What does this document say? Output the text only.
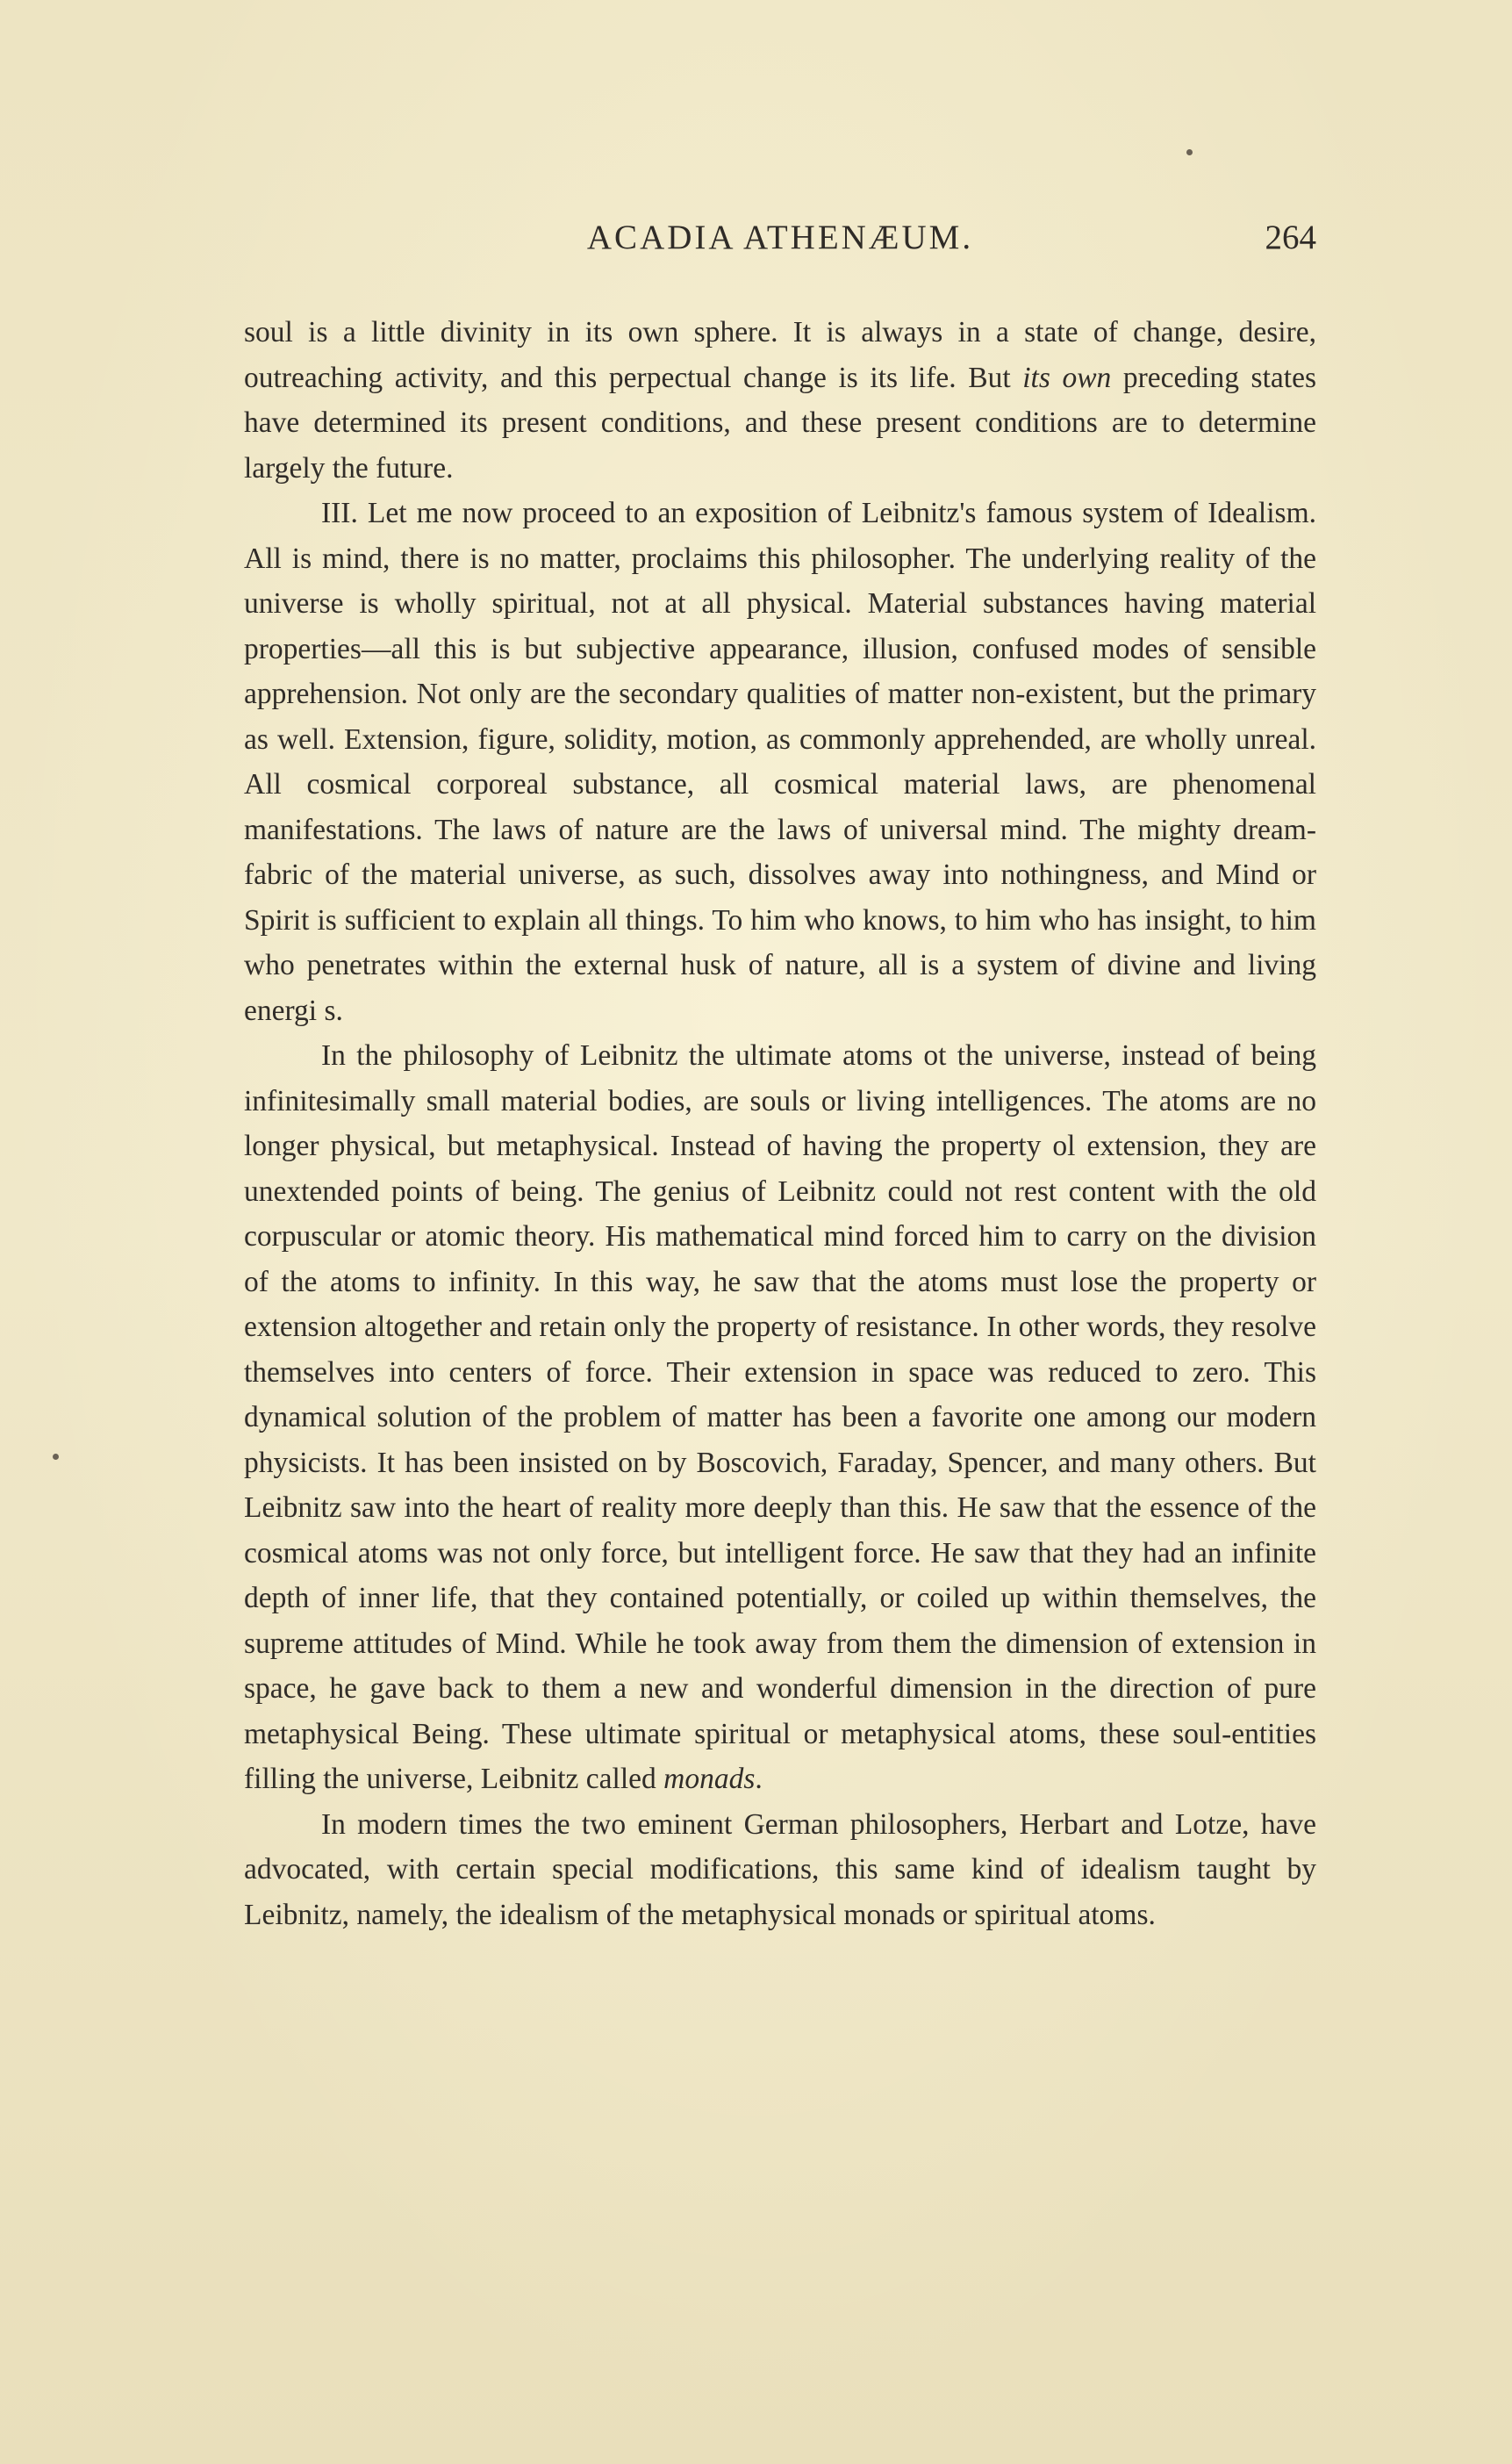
ACADIA ATHENÆUM.	264

soul is a little divinity in its own sphere. It is always in a state of change, desire, outreaching activity, and this perpectual change is its life. But its own preceding states have determined its present conditions, and these present conditions are to determine largely the future.

III. Let me now proceed to an exposition of Leibnitz's famous system of Idealism. All is mind, there is no matter, proclaims this philosopher. The underlying reality of the universe is wholly spiritual, not at all physical. Material substances having material properties—all this is but subjective appearance, illusion, confused modes of sensible apprehension. Not only are the secondary qualities of matter non-existent, but the primary as well. Extension, figure, solidity, motion, as commonly apprehended, are wholly unreal. All cosmical corporeal substance, all cosmical material laws, are phenomenal manifestations. The laws of nature are the laws of universal mind. The mighty dream-fabric of the material universe, as such, dissolves away into nothingness, and Mind or Spirit is sufficient to explain all things. To him who knows, to him who has insight, to him who penetrates within the external husk of nature, all is a system of divine and living energi s.

In the philosophy of Leibnitz the ultimate atoms ot the universe, instead of being infinitesimally small material bodies, are souls or living intelligences. The atoms are no longer physical, but metaphysical. Instead of having the property ol extension, they are unextended points of being. The genius of Leibnitz could not rest content with the old corpuscular or atomic theory. His mathematical mind forced him to carry on the division of the atoms to infinity. In this way, he saw that the atoms must lose the property or extension altogether and retain only the property of resistance. In other words, they resolve themselves into centers of force. Their extension in space was reduced to zero. This dynamical solution of the problem of matter has been a favorite one among our modern physicists. It has been insisted on by Boscovich, Faraday, Spencer, and many others. But Leibnitz saw into the heart of reality more deeply than this. He saw that the essence of the cosmical atoms was not only force, but intelligent force. He saw that they had an infinite depth of inner life, that they contained potentially, or coiled up within themselves, the supreme attitudes of Mind. While he took away from them the dimension of extension in space, he gave back to them a new and wonderful dimension in the direction of pure metaphysical Being. These ultimate spiritual or metaphysical atoms, these soul-entities filling the universe, Leibnitz called monads.

In modern times the two eminent German philosophers, Herbart and Lotze, have advocated, with certain special modifications, this same kind of idealism taught by Leibnitz, namely, the idealism of the metaphysical monads or spiritual atoms.
